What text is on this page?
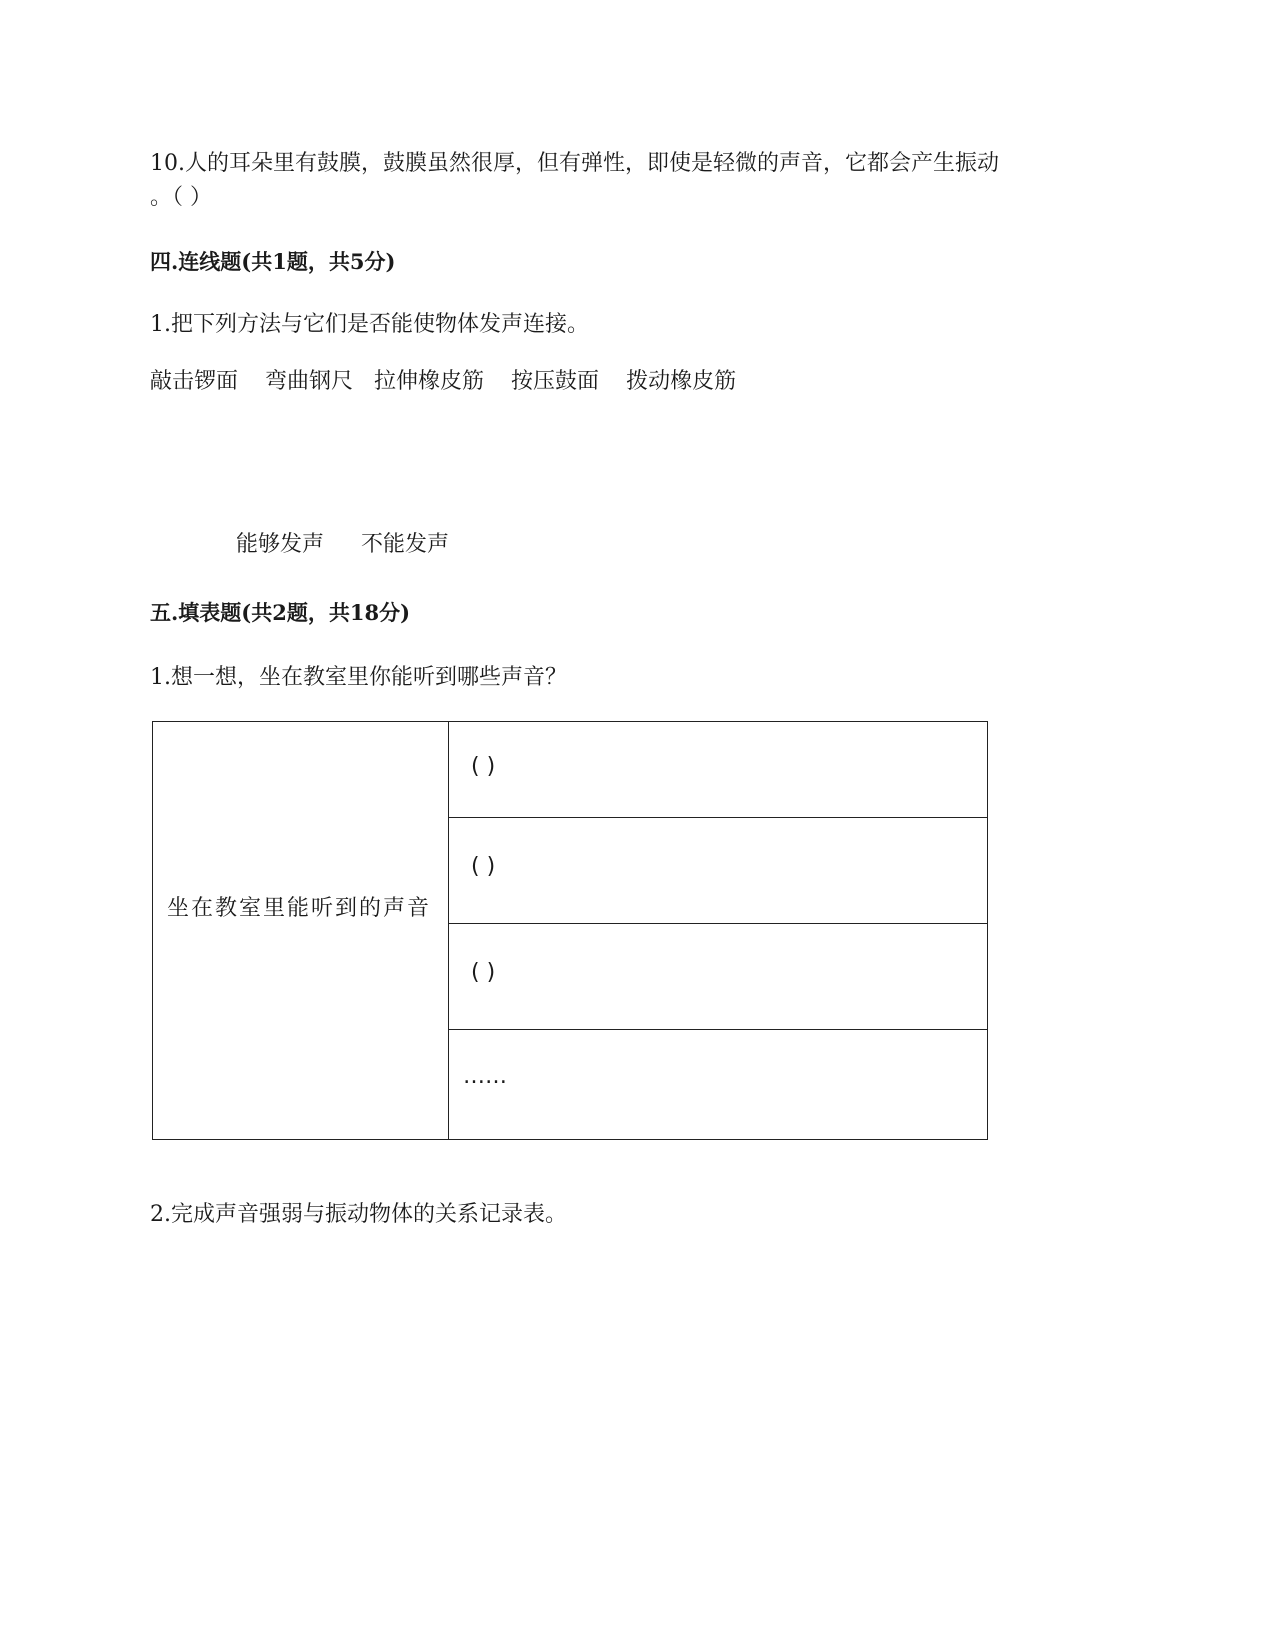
10.人的耳朵里有鼓膜，鼓膜虽然很厚，但有弹性，即使是轻微的声音，它都会产生振动
。（ ）
四.连线题(共1题，共5分)
1.把下列方法与它们是否能使物体发声连接。
敲击锣面 弯曲钢尺 拉伸橡皮筋 按压鼓面 拨动橡皮筋
能够发声 不能发声
五.填表题(共2题，共18分)
1.想一想，坐在教室里你能听到哪些声音？
坐在教室里能听到的声音
( )
( )
( )
……
2.完成声音强弱与振动物体的关系记录表。
